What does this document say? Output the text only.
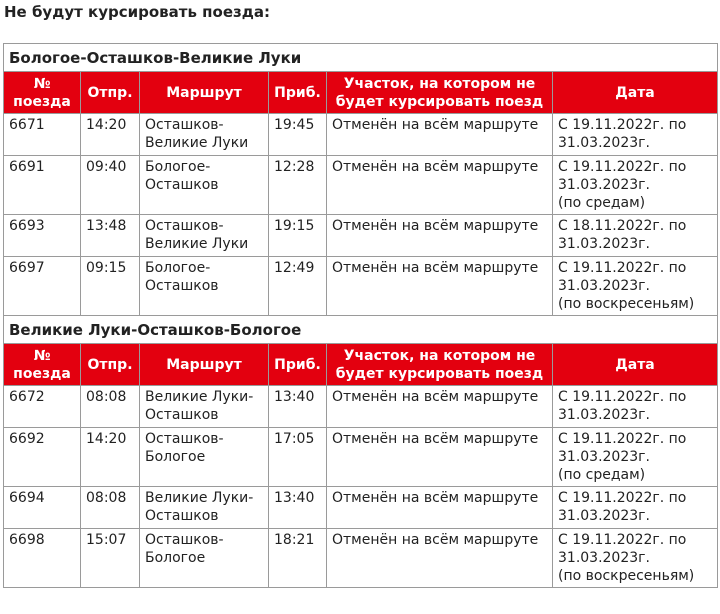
Не будут курсировать поезда:
Бологое-Осташков-Великие Луки					
№ поезда	Отпр.	Маршрут	Приб.	Участок, на котором не будет курсировать поезд	Дата
6671	14:20	Осташков-
Великие Луки	19:45	Отменён на всём маршруте	С 19.11.2022г. по
31.03.2023г.

6691	09:40	Бологое-
Осташков	12:28	Отменён на всём маршруте	С 19.11.2022г. по
31.03.2023г.
(по средам)

6693	13:48	Осташков-
Великие Луки	19:15	Отменён на всём маршруте	С 18.11.2022г. по
31.03.2023г.

6697	09:15	Бологое-
Осташков	12:49	Отменён на всём маршруте	С 19.11.2022г. по
31.03.2023г.
(по воскресеньям)

Великие Луки-Осташков-Бологое					
№ поезда	Отпр.	Маршрут	Приб.	Участок, на котором не будет курсировать поезд	Дата
6672	08:08	Великие Луки-
Осташков	13:40	Отменён на всём маршруте	С 19.11.2022г. по
31.03.2023г.

6692	14:20	Осташков-
Бологое	17:05	Отменён на всём маршруте	С 19.11.2022г. по
31.03.2023г.
(по средам)

6694	08:08	Великие Луки-
Осташков	13:40	Отменён на всём маршруте	С 19.11.2022г. по
31.03.2023г.

6698	15:07	Осташков-
Бологое	18:21	Отменён на всём маршруте	С 19.11.2022г. по
31.03.2023г.
(по воскресеньям)
